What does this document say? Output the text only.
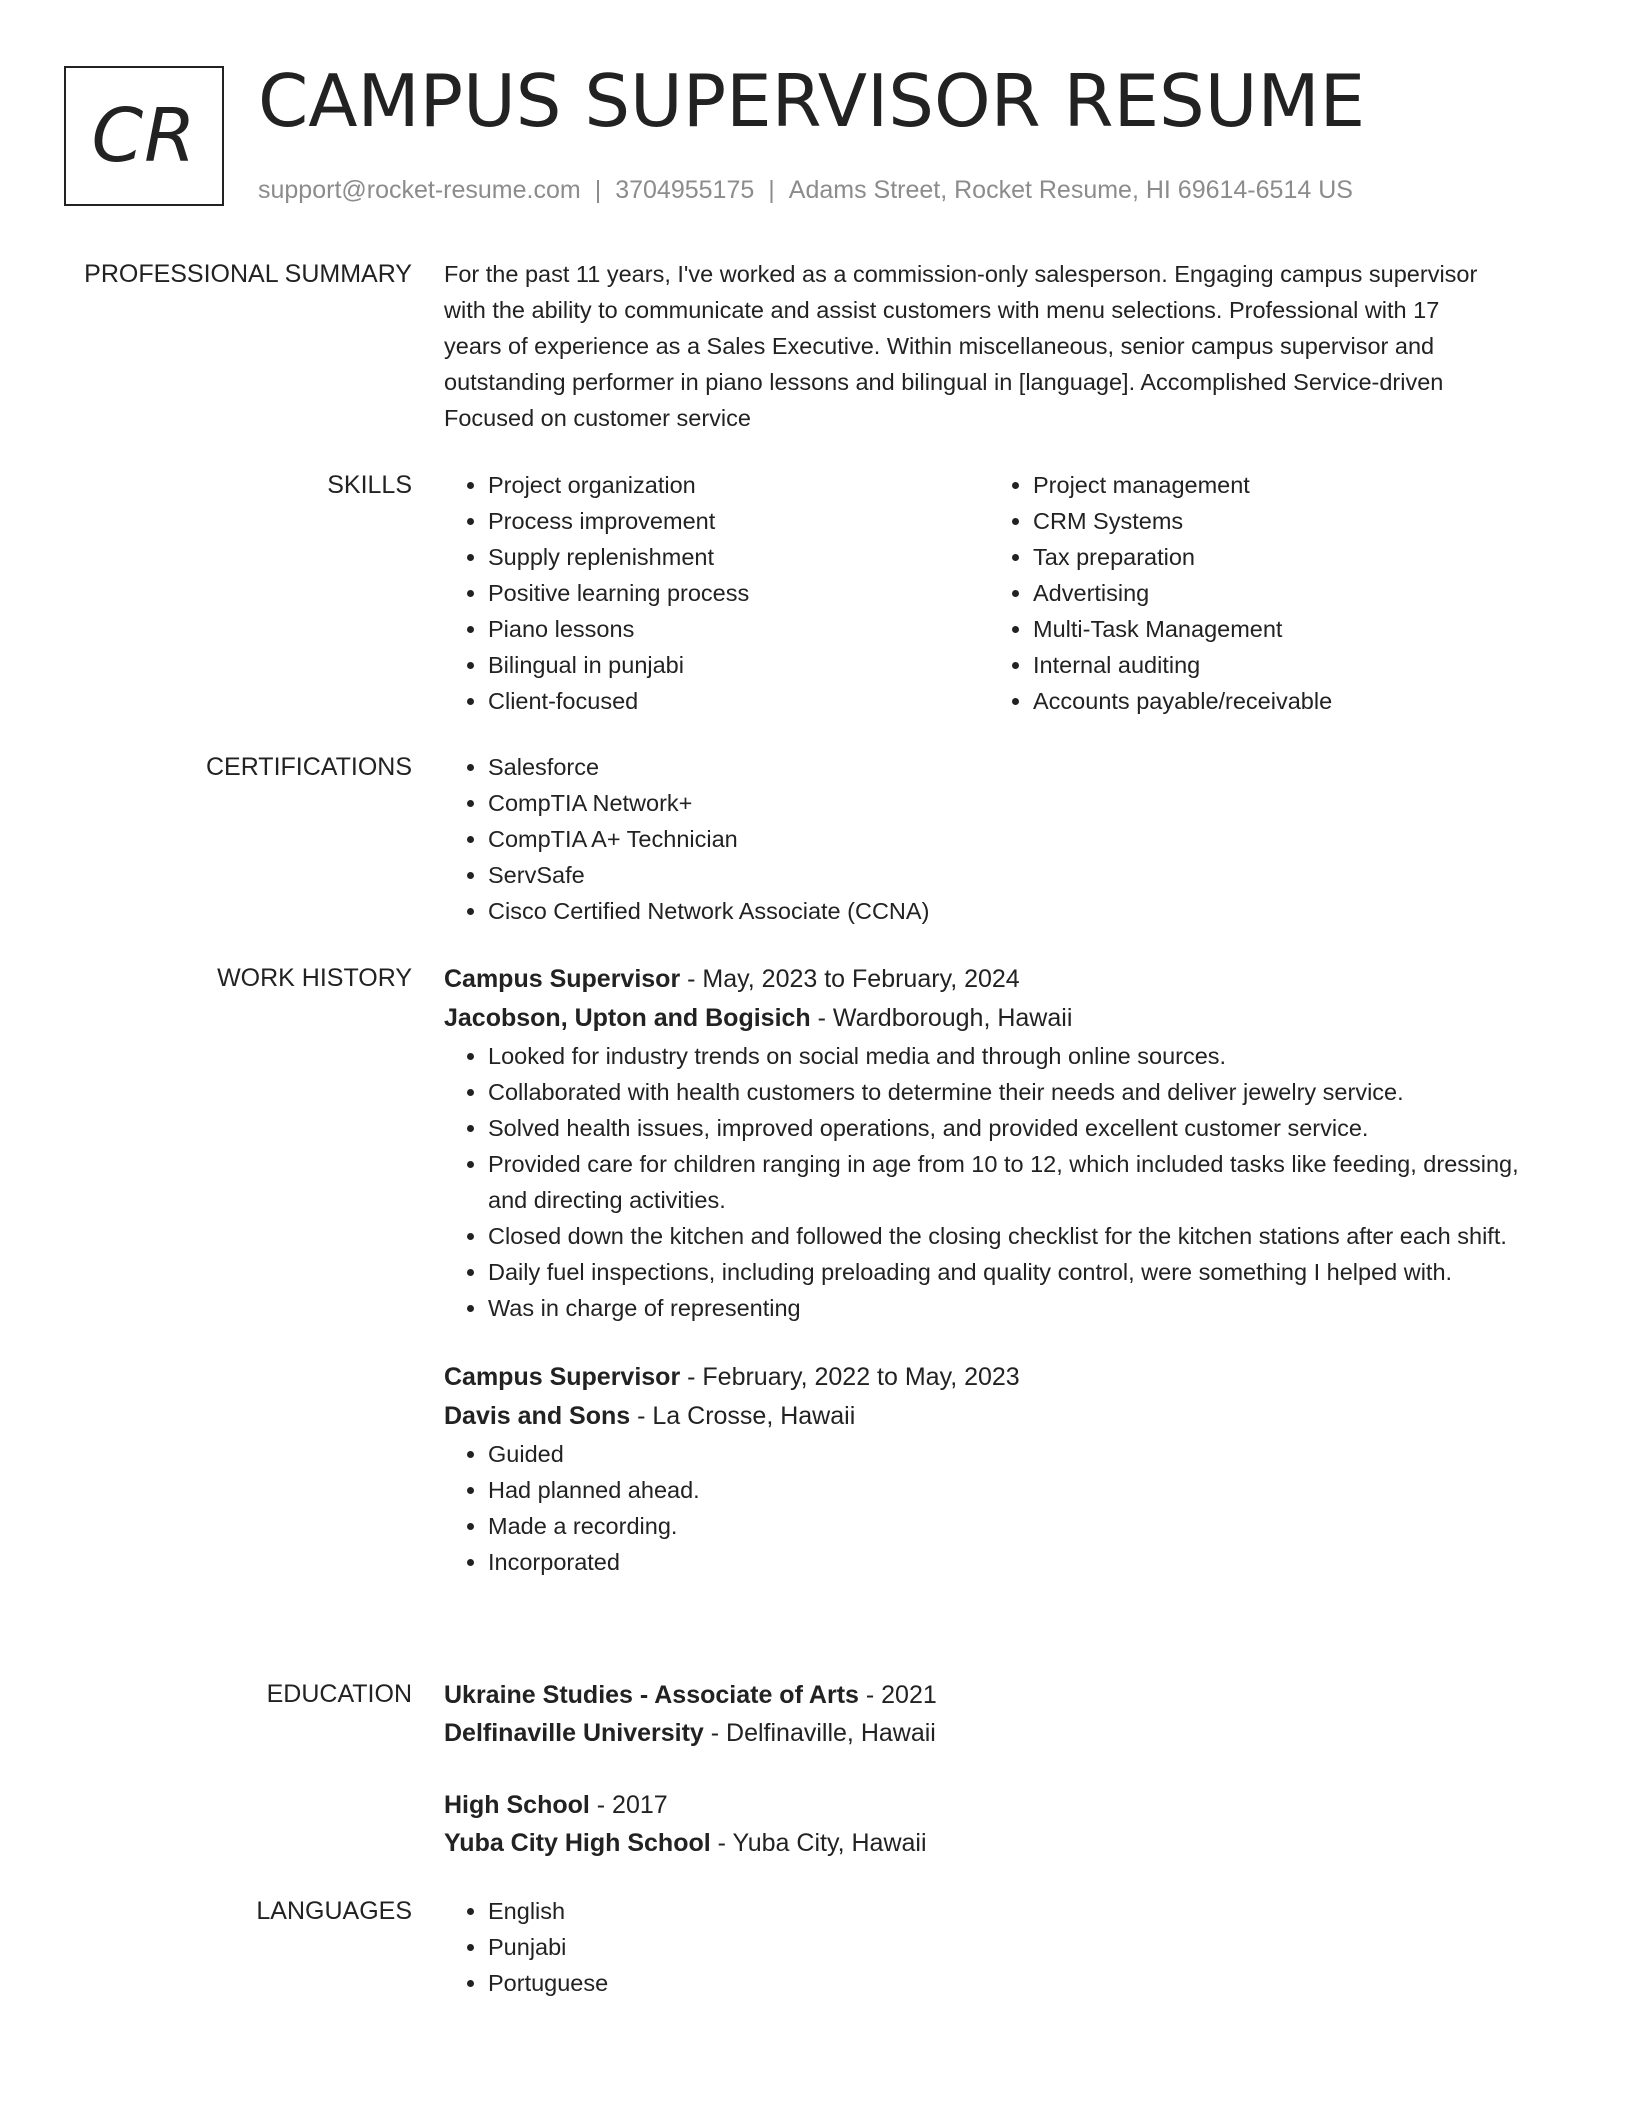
CR CAMPUS SUPERVISOR RESUME
support@rocket-resume.com | 3704955175 | Adams Street, Rocket Resume, HI 69614-6514 US
PROFESSIONAL SUMMARY For the past 11 years, I've worked as a commission-only salesperson. Engaging campus supervisor
with the ability to communicate and assist customers with menu selections. Professional with 17
years of experience as a Sales Executive. Within miscellaneous, senior campus supervisor and
outstanding performer in piano lessons and bilingual in [language]. Accomplished Service-driven
Focused on customer service
SKILLS	• Project organization
• Process improvement
• Supply replenishment
• Positive learning process
• Piano lessons
• Bilingual in punjabi
• Client-focused
• Project management
• CRM Systems
• Tax preparation
• Advertising
• Multi-Task Management
• Internal auditing
• Accounts payable/receivable
CERTIFICATIONS	• Salesforce
• CompTIA Network+
• CompTIA A+ Technician
• ServSafe
• Cisco Certified Network Associate (CCNA)
WORK HISTORY Campus Supervisor - May, 2023 to February, 2024
Jacobson, Upton and Bogisich - Wardborough, Hawaii
• Looked for industry trends on social media and through online sources.
• Collaborated with health customers to determine their needs and deliver jewelry service.
• Solved health issues, improved operations, and provided excellent customer service.
• Provided care for children ranging in age from 10 to 12, which included tasks like feeding, dressing, and directing activities.
• Closed down the kitchen and followed the closing checklist for the kitchen stations after each shift.
• Daily fuel inspections, including preloading and quality control, were something I helped with.
• Was in charge of representing
Campus Supervisor - February, 2022 to May, 2023
Davis and Sons - La Crosse, Hawaii
• Guided
• Had planned ahead.
• Made a recording.
• Incorporated
EDUCATION Ukraine Studies - Associate of Arts - 2021
Delfinaville University - Delfinaville, Hawaii
High School - 2017
Yuba City High School - Yuba City, Hawaii
LANGUAGES	• English
• Punjabi
• Portuguese
